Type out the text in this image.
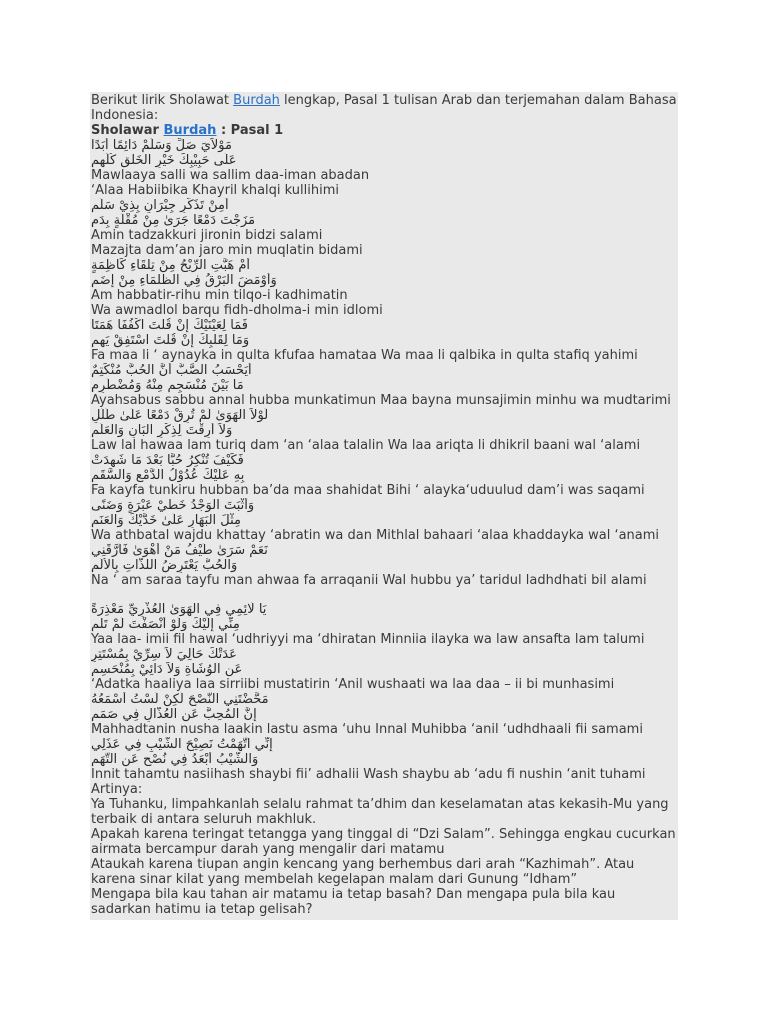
Berikut lirik Sholawat Burdah lengkap, Pasal 1 tulisan Arab dan terjemahan dalam Bahasa Indonesia:
Sholawar Burdah : Pasal 1
مَوْلاَيَ صَلِّ وَسَلِّمْ دَائِمًا أَبَدًا
عَلَى حَبِيْبِكَ خَيْرِ الْخَلْقِ كُلِّهِمِ
Mawlaaya salli wa sallim daa-iman abadan
‘Alaa Habiibika Khayril khalqi kullihimi
أَمِنْ تَذَكُّرِ جِيْرَانٍ بِذِيْ سَلَمِ
مَزَجْتَ دَمْعًا جَرَىٰ مِنْ مُقْلَةٍ بِدَمِ
Amin tadzakkuri jironin bidzi salami
Mazajta dam’an jaro min muqlatin bidami
أَمْ هَبَّتِ الرِّيْحُ مِنْ تِلْقَاءِ كَاظِمَةٍ
وَأَوْمَضَ الْبَرْقُ فِي الظَّلْمَاءِ مِنْ إِضَمِ
Am habbatir-rihu min tilqo-i kadhimatin
Wa awmadlol barqu fidh-dholma-i min idlomi
فَمَا لِعَيْنَيْكَ إِنْ قُلْتَ اكْفُفَا هَمَتَا
وَمَا لِقَلْبِكَ إِنْ قُلْتَ اسْتَفِقْ يَهِمِ
Fa maa li ‘ aynayka in qulta kfufaa hamataa Wa maa li qalbika in qulta stafiq yahimi
أَيَحْسَبُ الصَّبُّ أَنَّ الْحُبَّ مُنْكَتِمٌ
مَا بَيْنَ مُنْسَجِمٍ مِنْهُ وَمُضْطَرِمِ
Ayahsabus sabbu annal hubba munkatimun Maa bayna munsajimin minhu wa mudtarimi
لَوْلاَ الْهَوَىٰ لَمْ تُرِقْ دَمْعًا عَلَىٰ طَلَلٍ
وَلاَ أَرِقْتَ لِذِكْرِ الْبَانِ وَالْعَلَمِ
Law lal hawaa lam turiq dam ‘an ‘alaa talalin Wa laa ariqta li dhikril baani wal ‘alami
فَكَيْفَ تُنْكِرُ حُبًّا بَعْدَ مَا شَهِدَتْ
بِهِ عَلَيْكَ عُدُوْلُ الدَّمْعِ وَالسَّقَمِ
Fa kayfa tunkiru hubban ba’da maa shahidat Bihi ‘ alayka‘uduulud dam’i was saqami
وَأَثْبَتَ الْوَجْدُ خَطَّيْ عَبْرَةٍ وَضَنًى
مِثْلَ الْبَهَارِ عَلَىٰ خَدَّيْكَ وَالْعَنَمِ
Wa athbatal wajdu khattay ‘abratin wa dan Mithlal bahaari ‘alaa khaddayka wal ‘anami
نَعَمْ سَرَىٰ طَيْفُ مَنْ أَهْوَىٰ فَأَرَّقَنِي
وَالْحُبُّ يَعْتَرِضُ اللَّذَّاتِ بِالْأَلَمِ
Na ‘ am saraa tayfu man ahwaa fa arraqanii Wal hubbu ya’ taridul ladhdhati bil alami
يَا لَائِمِي فِي الْهَوَىٰ الْعُذْرِيِّ مَعْذِرَةً
مِنِّي إِلَيْكَ وَلَوْ أَنْصَفْتَ لَمْ تَلُمِ
Yaa laa- imii fil hawal ‘udhriyyi ma ‘dhiratan Minniia ilayka wa law ansafta lam talumi
عَدَتْكَ حَالِيَ لاَ سِرِّيْ بِمُسْتَتِرٍ
عَنِ الْوُشَاةِ وَلاَ دَائِيْ بِمُنْحَسِمِ
‘Adatka haaliya laa sirriibi mustatirin ‘Anil wushaati wa laa daa – ii bi munhasimi
مَحَّضْتَنِي النُّصْحَ لَكِنْ لَسْتُ أَسْمَعُهُ
إِنَّ الْمُحِبَّ عَنِ الْعُذَّالِ فِي صَمَمِ
Mahhadtanin nusha laakin lastu asma ‘uhu Innal Muhibba ‘anil ‘udhdhaali fii samami
إِنِّي اتَّهَمْتُ نَصِيْحَ الشَّيْبِ فِي عَذَلِي
وَالشَّيْبُ أَبْعَدُ فِي نُصْحٍ عَنِ التُّهَمِ
Innit tahamtu nasiihash shaybi fii’ adhalii Wash shaybu ab ‘adu fi nushin ‘anit tuhami
Artinya:
Ya Tuhanku, limpahkanlah selalu rahmat ta’dhim dan keselamatan atas kekasih-Mu yang terbaik di antara seluruh makhluk.
Apakah karena teringat tetangga yang tinggal di “Dzi Salam”. Sehingga engkau cucurkan airmata bercampur darah yang mengalir dari matamu
Ataukah karena tiupan angin kencang yang berhembus dari arah “Kazhimah”. Atau karena sinar kilat yang membelah kegelapan malam dari Gunung “Idham”
Mengapa bila kau tahan air matamu ia tetap basah? Dan mengapa pula bila kau sadarkan hatimu ia tetap gelisah?
